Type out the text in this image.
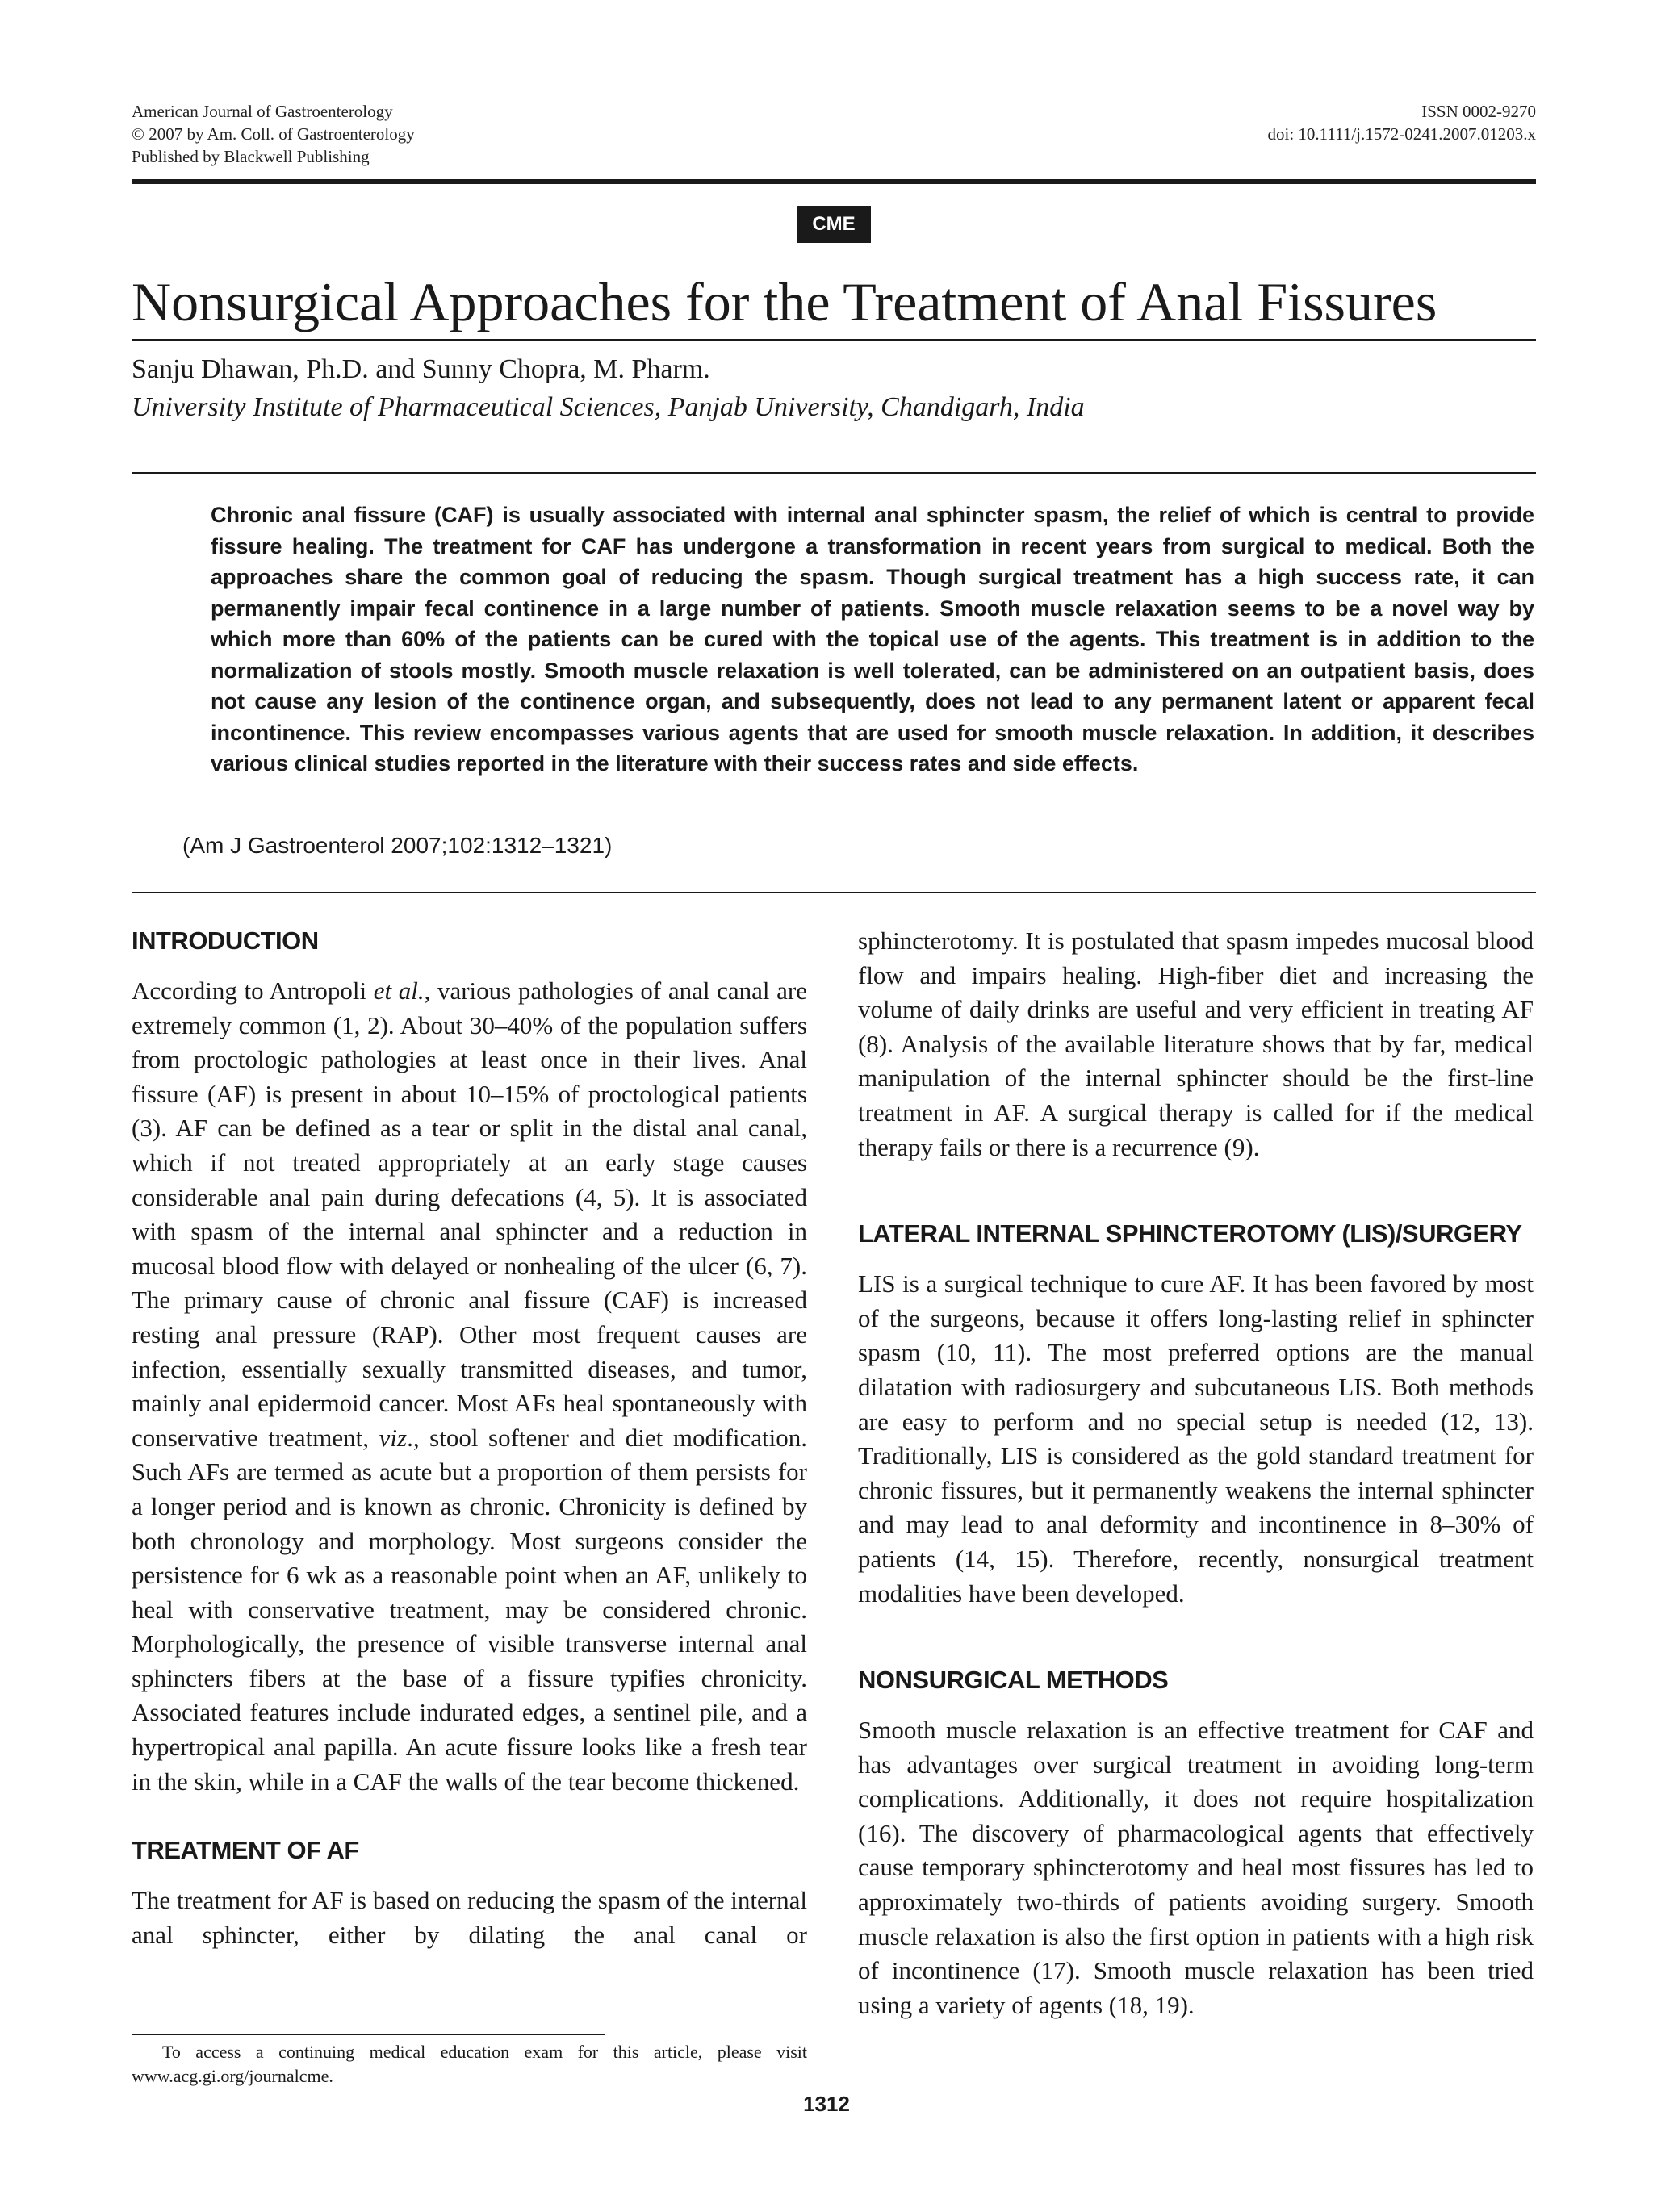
American Journal of Gastroenterology
© 2007 by Am. Coll. of Gastroenterology
Published by Blackwell Publishing
ISSN 0002-9270
doi: 10.1111/j.1572-0241.2007.01203.x
CME
Nonsurgical Approaches for the Treatment of Anal Fissures
Sanju Dhawan, Ph.D. and Sunny Chopra, M. Pharm.
University Institute of Pharmaceutical Sciences, Panjab University, Chandigarh, India

Chronic anal fissure (CAF) is usually associated with internal anal sphincter spasm, the relief of which is central to provide fissure healing. The treatment for CAF has undergone a transformation in recent years from surgical to medical. Both the approaches share the common goal of reducing the spasm. Though surgical treatment has a high success rate, it can permanently impair fecal continence in a large number of patients. Smooth muscle relaxation seems to be a novel way by which more than 60% of the patients can be cured with the topical use of the agents. This treatment is in addition to the normalization of stools mostly. Smooth muscle relaxation is well tolerated, can be administered on an outpatient basis, does not cause any lesion of the continence organ, and subsequently, does not lead to any permanent latent or apparent fecal incontinence. This review encompasses various agents that are used for smooth muscle relaxation. In addition, it describes various clinical studies reported in the literature with their success rates and side effects.

(Am J Gastroenterol 2007;102:1312–1321)
INTRODUCTION

According to Antropoli et al., various pathologies of anal canal are extremely common (1, 2). About 30–40% of the population suffers from proctologic pathologies at least once in their lives. Anal fissure (AF) is present in about 10–15% of proctological patients (3). AF can be defined as a tear or split in the distal anal canal, which if not treated appropriately at an early stage causes considerable anal pain during defecations (4, 5). It is associated with spasm of the internal anal sphincter and a reduction in mucosal blood flow with delayed or nonhealing of the ulcer (6, 7). The primary cause of chronic anal fissure (CAF) is increased resting anal pressure (RAP). Other most frequent causes are infection, essentially sexually transmitted diseases, and tumor, mainly anal epidermoid cancer. Most AFs heal spontaneously with conservative treatment, viz., stool softener and diet modification. Such AFs are termed as acute but a proportion of them persists for a longer period and is known as chronic. Chronicity is defined by both chronology and morphology. Most surgeons consider the persistence for 6 wk as a reasonable point when an AF, unlikely to heal with conservative treatment, may be considered chronic. Morphologically, the presence of visible transverse internal anal sphincters fibers at the base of a fissure typifies chronicity. Associated features include indurated edges, a sentinel pile, and a hypertropical anal papilla. An acute fissure looks like a fresh tear in the skin, while in a CAF the walls of the tear become thickened.

TREATMENT OF AF

The treatment for AF is based on reducing the spasm of the internal anal sphincter, either by dilating the anal canal or

sphincterotomy. It is postulated that spasm impedes mucosal blood flow and impairs healing. High-fiber diet and increasing the volume of daily drinks are useful and very efficient in treating AF (8). Analysis of the available literature shows that by far, medical manipulation of the internal sphincter should be the first-line treatment in AF. A surgical therapy is called for if the medical therapy fails or there is a recurrence (9).

LATERAL INTERNAL SPHINCTEROTOMY (LIS)/SURGERY

LIS is a surgical technique to cure AF. It has been favored by most of the surgeons, because it offers long-lasting relief in sphincter spasm (10, 11). The most preferred options are the manual dilatation with radiosurgery and subcutaneous LIS. Both methods are easy to perform and no special setup is needed (12, 13). Traditionally, LIS is considered as the gold standard treatment for chronic fissures, but it permanently weakens the internal sphincter and may lead to anal deformity and incontinence in 8–30% of patients (14, 15). Therefore, recently, nonsurgical treatment modalities have been developed.

NONSURGICAL METHODS

Smooth muscle relaxation is an effective treatment for CAF and has advantages over surgical treatment in avoiding long-term complications. Additionally, it does not require hospitalization (16). The discovery of pharmacological agents that effectively cause temporary sphincterotomy and heal most fissures has led to approximately two-thirds of patients avoiding surgery. Smooth muscle relaxation is also the first option in patients with a high risk of incontinence (17). Smooth muscle relaxation has been tried using a variety of agents (18, 19).

To access a continuing medical education exam for this article, please visit www.acg.gi.org/journalcme.
1312
